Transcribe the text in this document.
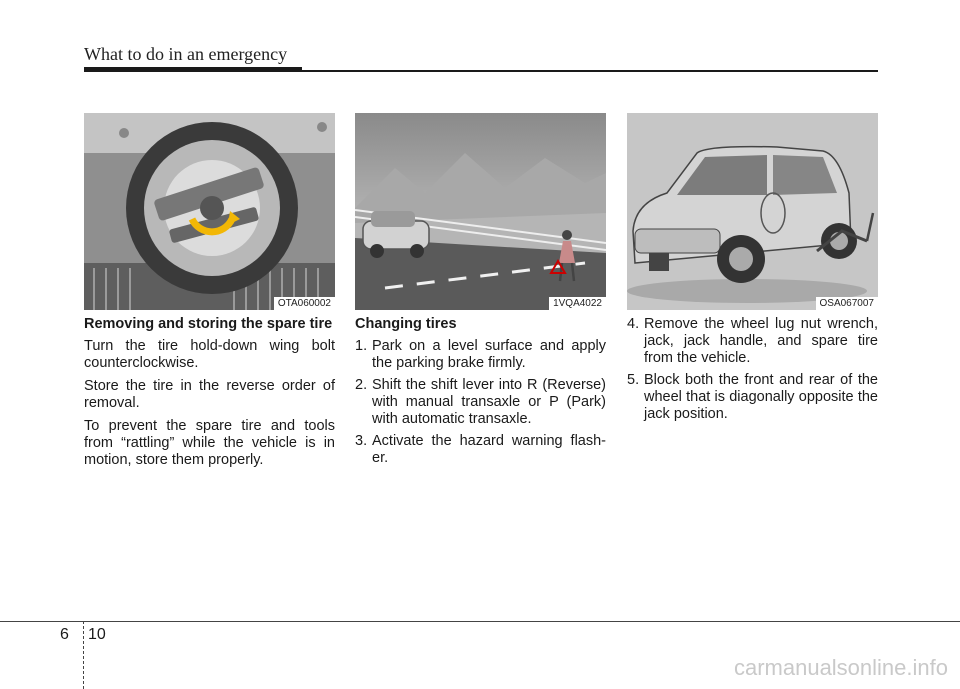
What to do in an emergency
OTA060002	1VQA4022	OSA067007
Removing and storing the spare tire

Turn the tire hold-down wing bolt counterclockwise.

Store the tire in the reverse order of removal.

To prevent the spare tire and tools from “rattling” while the vehicle is in motion, store them properly.

Changing tires
1. Park on a level surface and apply the parking brake firmly.
2. Shift the shift lever into R (Reverse) with manual transaxle or P (Park) with automatic transaxle.
3. Activate the hazard warning flash-er.
4. Remove the wheel lug nut wrench, jack, jack handle, and spare tire from the vehicle.
5. Block both the front and rear of the wheel that is diagonally opposite the jack position.
6 10
carmanualsonline.info
